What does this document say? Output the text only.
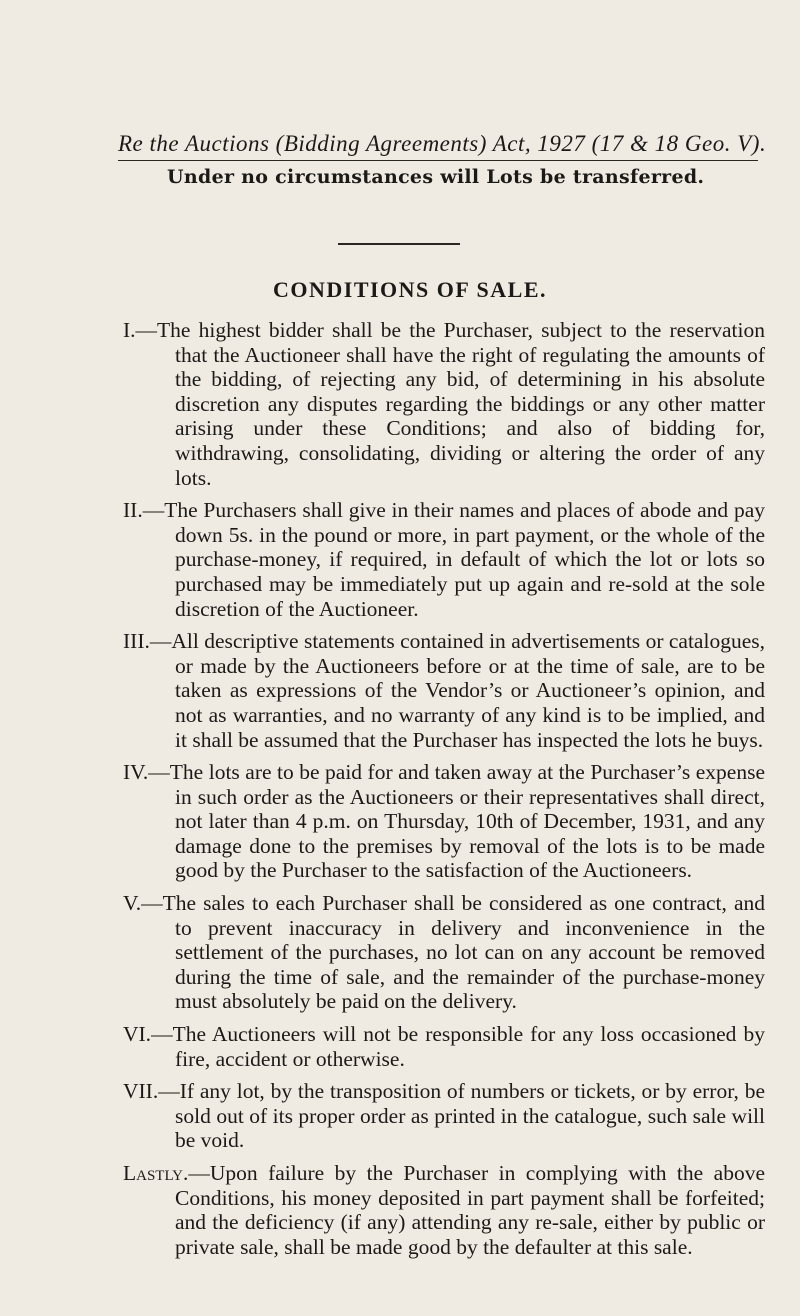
Re the Auctions (Bidding Agreements) Act, 1927 (17 & 18 Geo. V).

Under no circumstances will Lots be transferred.

CONDITIONS OF SALE.

I.—The highest bidder shall be the Purchaser, subject to the reservation that the Auctioneer shall have the right of regulating the amounts of the bidding, of rejecting any bid, of determining in his absolute discretion any disputes regarding the biddings or any other matter arising under these Conditions; and also of bidding for, withdrawing, consolidating, dividing or altering the order of any lots.

II.—The Purchasers shall give in their names and places of abode and pay down 5s. in the pound or more, in part payment, or the whole of the purchase-money, if required, in default of which the lot or lots so purchased may be immediately put up again and re-sold at the sole discretion of the Auctioneer.

III.—All descriptive statements contained in advertisements or catalogues, or made by the Auctioneers before or at the time of sale, are to be taken as expressions of the Vendor’s or Auctioneer’s opinion, and not as warranties, and no warranty of any kind is to be implied, and it shall be assumed that the Purchaser has inspected the lots he buys.

IV.—The lots are to be paid for and taken away at the Purchaser’s expense in such order as the Auctioneers or their representatives shall direct, not later than 4 p.m. on Thursday, 10th of December, 1931, and any damage done to the premises by removal of the lots is to be made good by the Purchaser to the satisfaction of the Auctioneers.

V.—The sales to each Purchaser shall be considered as one contract, and to prevent inaccuracy in delivery and inconvenience in the settlement of the purchases, no lot can on any account be removed during the time of sale, and the remainder of the purchase-money must absolutely be paid on the delivery.

VI.—The Auctioneers will not be responsible for any loss occasioned by fire, accident or otherwise.

VII.—If any lot, by the transposition of numbers or tickets, or by error, be sold out of its proper order as printed in the catalogue, such sale will be void.

Lastly.—Upon failure by the Purchaser in complying with the above Conditions, his money deposited in part payment shall be forfeited; and the deficiency (if any) attending any re-sale, either by public or private sale, shall be made good by the defaulter at this sale.
